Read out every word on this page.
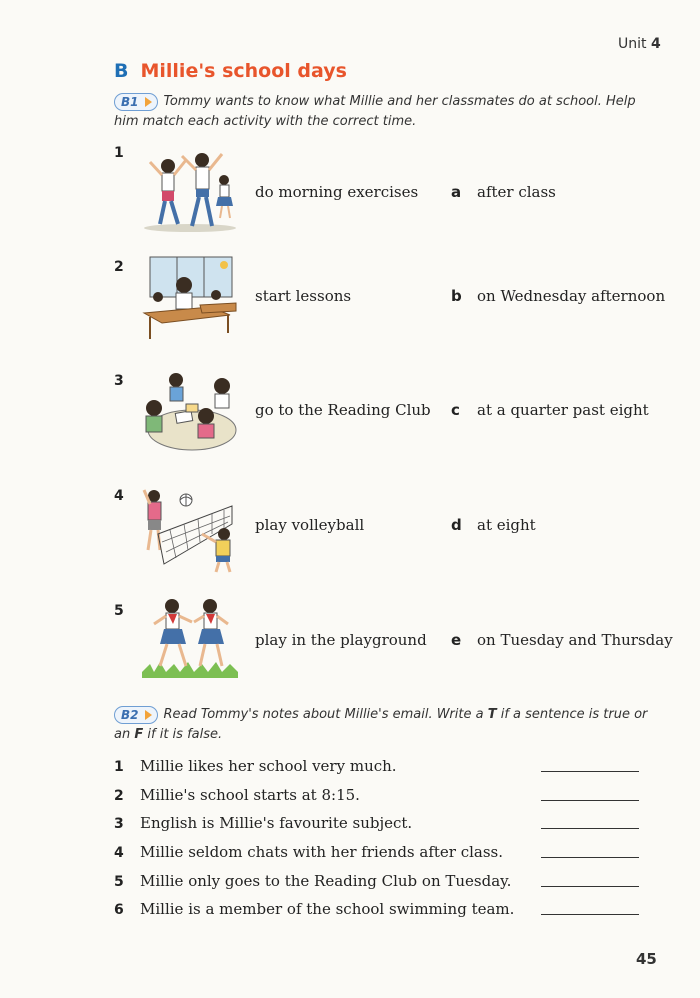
Unit 4
B Millie's school days
B1 Tommy wants to know what Millie and her classmates do at school. Help
him match each activity with the correct time.
1
do morning exercises a after class
2
start lessons	b on Wednesday afternoon
3
go to the Reading Club c at a quarter past eight
4
play volleyball	d at eight
5
play in the playground e on Tuesday and Thursday
B2 Read Tommy's notes about Millie's email. Write a T if a sentence is true or
an F if it is false.
1 Millie likes her school very much.
2 Millie's school starts at 8:15.
3 English is Millie's favourite subject.
4 Millie seldom chats with her friends after class.
5 Millie only goes to the Reading Club on Tuesday.
6 Millie is a member of the school swimming team.
45
